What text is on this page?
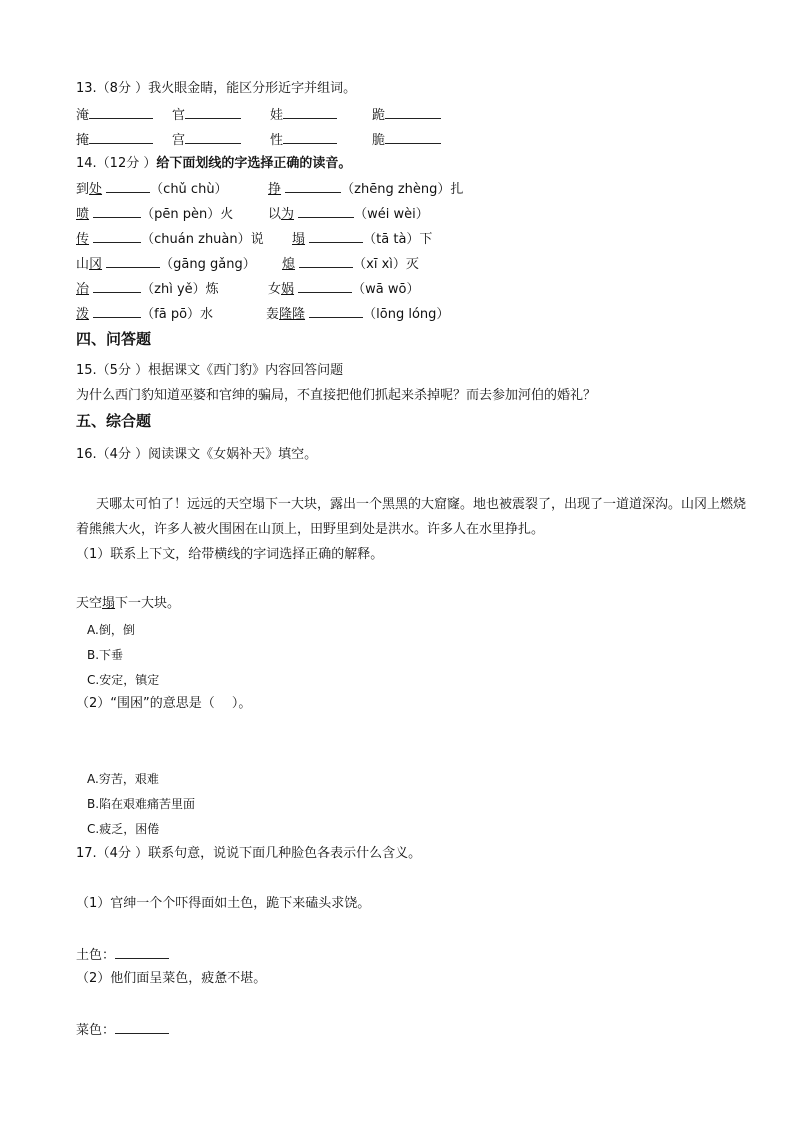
13.（8分 ）我火眼金睛，能区分形近字并组词。
淹	官	娃	跪
掩	宫	性	脆
14.（12分 ）给下面划线的字选择正确的读音。
到处	（chǔ chù）	挣	（zhēng zhèng）扎
喷	（pēn pèn）火	以为	（wéi wèi）
传	（chuán zhuàn）说 塌	（tā tà）下
山冈	（gāng gǎng） 熄	（xī xì）灭
冶	（zhì yě）炼	女娲	（wā wō）
泼	（fā pō）水	轰隆隆	（lōng lóng）
四、问答题
15.（5分 ）根据课文《西门豹》内容回答问题
为什么西门豹知道巫婆和官绅的骗局，不直接把他们抓起来杀掉呢？而去参加河伯的婚礼？
五、综合题
16.（4分 ）阅读课文《女娲补天》填空。
天哪太可怕了！远远的天空塌下一大块，露出一个黑黑的大窟窿。地也被震裂了，出现了一道道深沟。山冈上燃烧着熊熊大火，许多人被火围困在山顶上，田野里到处是洪水。许多人在水里挣扎。
（1）联系上下文，给带横线的字词选择正确的解释。
天空塌下一大块。
A.倒，倒
B.下垂
C.安定，镇定
（2）“围困”的意思是（　 ）。
A.穷苦，艰难
B.陷在艰难痛苦里面
C.疲乏，困倦
17.（4分 ）联系句意，说说下面几种脸色各表示什么含义。
（1）官绅一个个吓得面如土色，跪下来磕头求饶。
土色：
（2）他们面呈菜色，疲惫不堪。
菜色：
